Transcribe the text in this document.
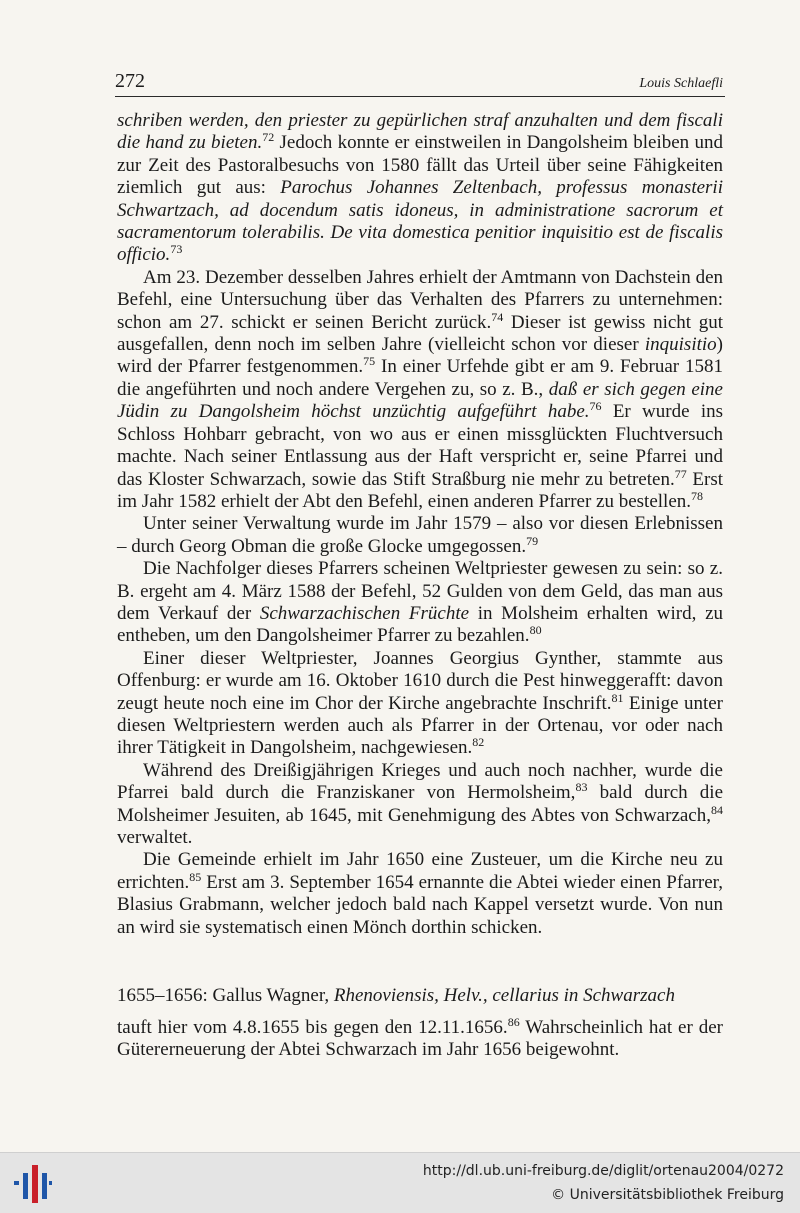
272	Louis Schlaefli

schriben werden, den priester zu gepürlichen straf anzuhalten und dem fiscali die hand zu bieten.$^{72}$ Jedoch konnte er einstweilen in Dangolsheim bleiben und zur Zeit des Pastoralbesuchs von 1580 fällt das Urteil über seine Fähigkeiten ziemlich gut aus: Parochus Johannes Zeltenbach, professus monasterii Schwartzach, ad docendum satis idoneus, in administratione sacrorum et sacramentorum tolerabilis. De vita domestica penitior inquisitio est de fiscalis officio.$^{73}$

Am 23. Dezember desselben Jahres erhielt der Amtmann von Dachstein den Befehl, eine Untersuchung über das Verhalten des Pfarrers zu unternehmen: schon am 27. schickt er seinen Bericht zurück.$^{74}$ Dieser ist gewiss nicht gut ausgefallen, denn noch im selben Jahre (vielleicht schon vor dieser inquisitio) wird der Pfarrer festgenommen.$^{75}$ In einer Urfehde gibt er am 9. Februar 1581 die angeführten und noch andere Vergehen zu, so z. B., daß er sich gegen eine Jüdin zu Dangolsheim höchst unzüchtig aufgeführt habe.$^{76}$ Er wurde ins Schloss Hohbarr gebracht, von wo aus er einen missglückten Fluchtversuch machte. Nach seiner Entlassung aus der Haft verspricht er, seine Pfarrei und das Kloster Schwarzach, sowie das Stift Straßburg nie mehr zu betreten.$^{77}$ Erst im Jahr 1582 erhielt der Abt den Befehl, einen anderen Pfarrer zu bestellen.$^{78}$

Unter seiner Verwaltung wurde im Jahr 1579 – also vor diesen Erlebnissen – durch Georg Obman die große Glocke umgegossen.$^{79}$

Die Nachfolger dieses Pfarrers scheinen Weltpriester gewesen zu sein: so z. B. ergeht am 4. März 1588 der Befehl, 52 Gulden von dem Geld, das man aus dem Verkauf der Schwarzachischen Früchte in Molsheim erhalten wird, zu entheben, um den Dangolsheimer Pfarrer zu bezahlen.$^{80}$

Einer dieser Weltpriester, Joannes Georgius Gynther, stammte aus Offenburg: er wurde am 16. Oktober 1610 durch die Pest hinweggerafft: davon zeugt heute noch eine im Chor der Kirche angebrachte Inschrift.$^{81}$ Einige unter diesen Weltpriestern werden auch als Pfarrer in der Ortenau, vor oder nach ihrer Tätigkeit in Dangolsheim, nachgewiesen.$^{82}$

Während des Dreißigjährigen Krieges und auch noch nachher, wurde die Pfarrei bald durch die Franziskaner von Hermolsheim,$^{83}$ bald durch die Molsheimer Jesuiten, ab 1645, mit Genehmigung des Abtes von Schwarzach,$^{84}$ verwaltet.

Die Gemeinde erhielt im Jahr 1650 eine Zusteuer, um die Kirche neu zu errichten.$^{85}$ Erst am 3. September 1654 ernannte die Abtei wieder einen Pfarrer, Blasius Grabmann, welcher jedoch bald nach Kappel versetzt wurde. Von nun an wird sie systematisch einen Mönch dorthin schicken.

1655–1656: Gallus Wagner, Rhenoviensis, Helv., cellarius in Schwarzach

tauft hier vom 4.8.1655 bis gegen den 12.11.1656.86 Wahrscheinlich hat er der Gütererneuerung der Abtei Schwarzach im Jahr 1656 beigewohnt.

http://dl.ub.uni-freiburg.de/diglit/ortenau2004/0272
© Universitätsbibliothek Freiburg
